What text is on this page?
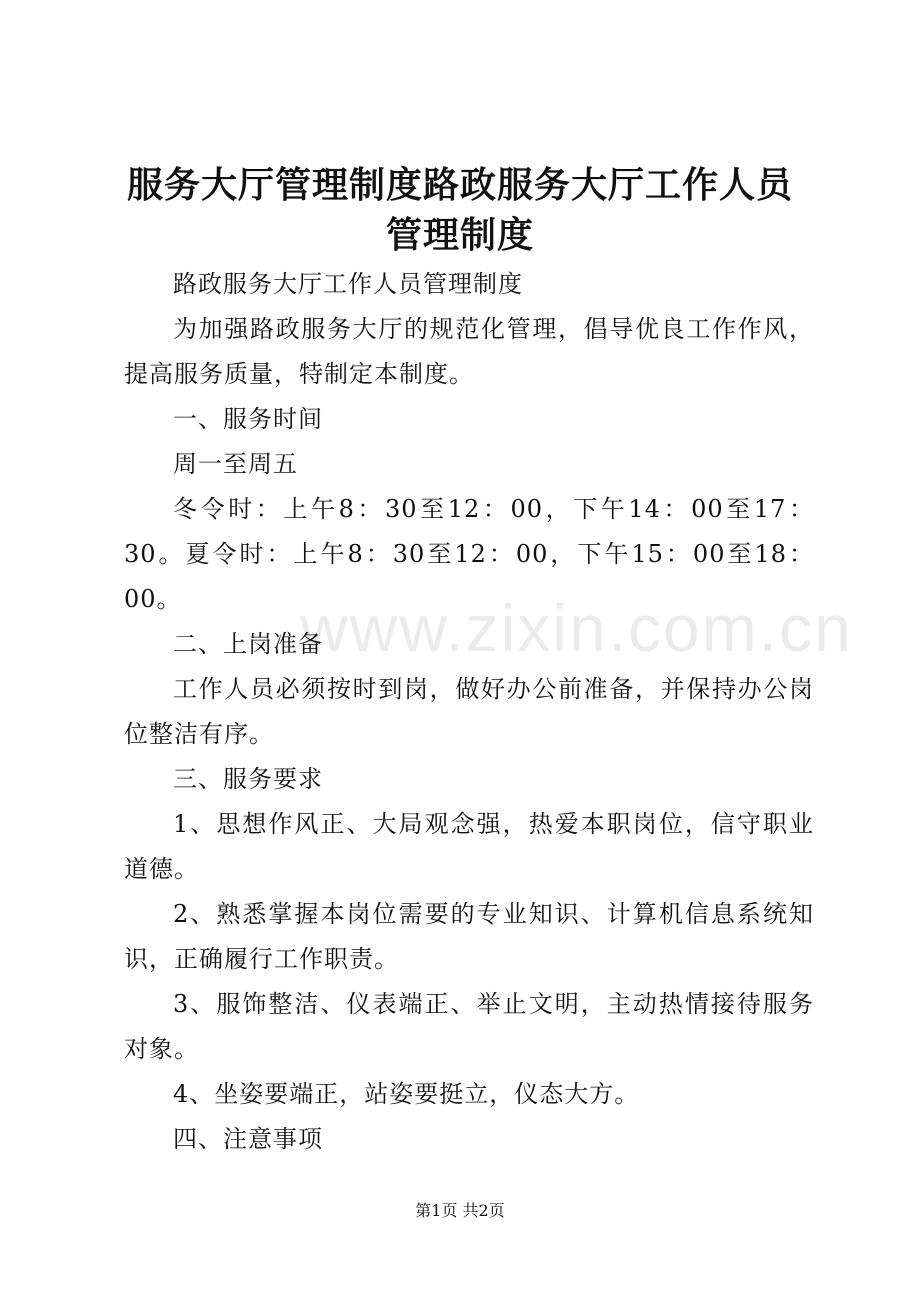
服务大厅管理制度路政服务大厅工作人员管理制度

路政服务大厅工作人员管理制度

为加强路政服务大厅的规范化管理，倡导优良工作作风，提高服务质量，特制定本制度。

一、服务时间

周一至周五

冬令时：上午8：30至12：00，下午14：00至17：30。夏令时：上午8：30至12：00，下午15：00至18：00。

二、上岗准备

工作人员必须按时到岗，做好办公前准备，并保持办公岗位整洁有序。

三、服务要求

1、思想作风正、大局观念强，热爱本职岗位，信守职业道德。

2、熟悉掌握本岗位需要的专业知识、计算机信息系统知识，正确履行工作职责。

3、服饰整洁、仪表端正、举止文明，主动热情接待服务对象。

4、坐姿要端正，站姿要挺立，仪态大方。

四、注意事项

www.zixin.com.cn
第1页 共2页
